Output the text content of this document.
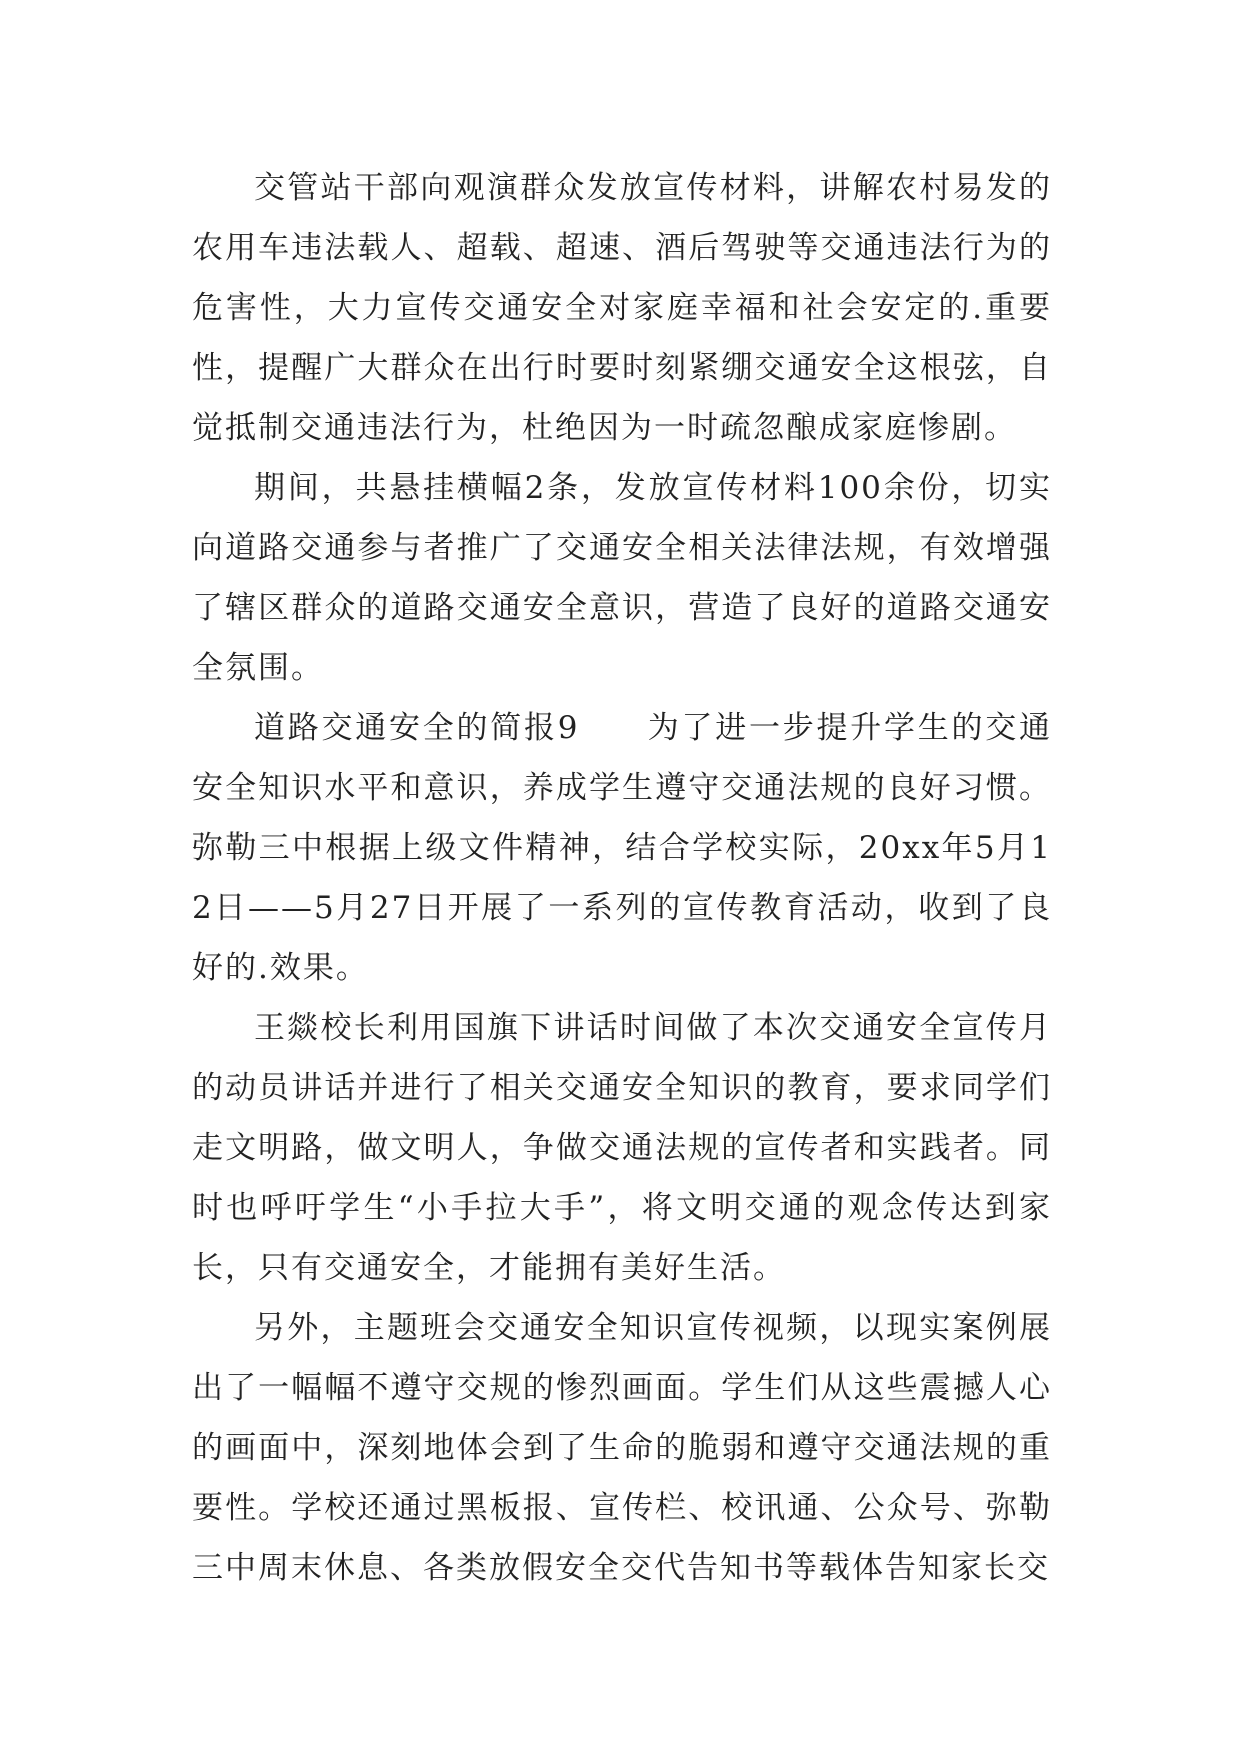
交管站干部向观演群众发放宣传材料，讲解农村易发的农用车违法载人、超载、超速、酒后驾驶等交通违法行为的危害性，大力宣传交通安全对家庭幸福和社会安定的.重要性，提醒广大群众在出行时要时刻紧绷交通安全这根弦，自觉抵制交通违法行为，杜绝因为一时疏忽酿成家庭惨剧。

期间，共悬挂横幅2条，发放宣传材料100余份，切实向道路交通参与者推广了交通安全相关法律法规，有效增强了辖区群众的道路交通安全意识，营造了良好的道路交通安全氛围。

道路交通安全的简报9　　为了进一步提升学生的交通安全知识水平和意识，养成学生遵守交通法规的良好习惯。弥勒三中根据上级文件精神，结合学校实际，20xx年5月12日——5月27日开展了一系列的宣传教育活动，收到了良好的.效果。

王燚校长利用国旗下讲话时间做了本次交通安全宣传月的动员讲话并进行了相关交通安全知识的教育，要求同学们走文明路，做文明人，争做交通法规的宣传者和实践者。同时也呼吁学生“小手拉大手”，将文明交通的观念传达到家长，只有交通安全，才能拥有美好生活。

另外，主题班会交通安全知识宣传视频，以现实案例展出了一幅幅不遵守交规的惨烈画面。学生们从这些震撼人心的画面中，深刻地体会到了生命的脆弱和遵守交通法规的重要性。学校还通过黑板报、宣传栏、校讯通、公众号、弥勒三中周末休息、各类放假安全交代告知书等载体告知家长交
